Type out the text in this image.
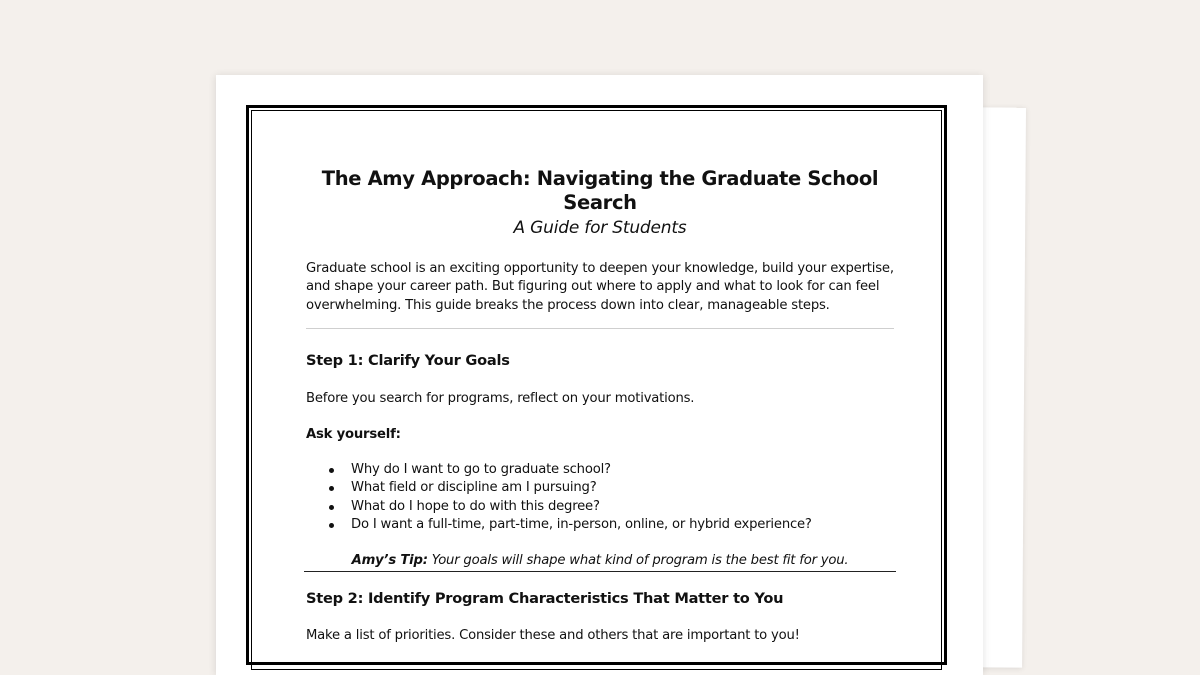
The Amy Approach: Navigating the Graduate School Search
A Guide for Students

Graduate school is an exciting opportunity to deepen your knowledge, build your expertise, and shape your career path. But figuring out where to apply and what to look for can feel overwhelming. This guide breaks the process down into clear, manageable steps.

Step 1: Clarify Your Goals

Before you search for programs, reflect on your motivations.

Ask yourself:

Why do I want to go to graduate school?
What field or discipline am I pursuing?
What do I hope to do with this degree?
Do I want a full-time, part-time, in-person, online, or hybrid experience?
Amy’s Tip: Your goals will shape what kind of program is the best fit for you.
Step 2: Identify Program Characteristics That Matter to You

Make a list of priorities. Consider these and others that are important to you!
